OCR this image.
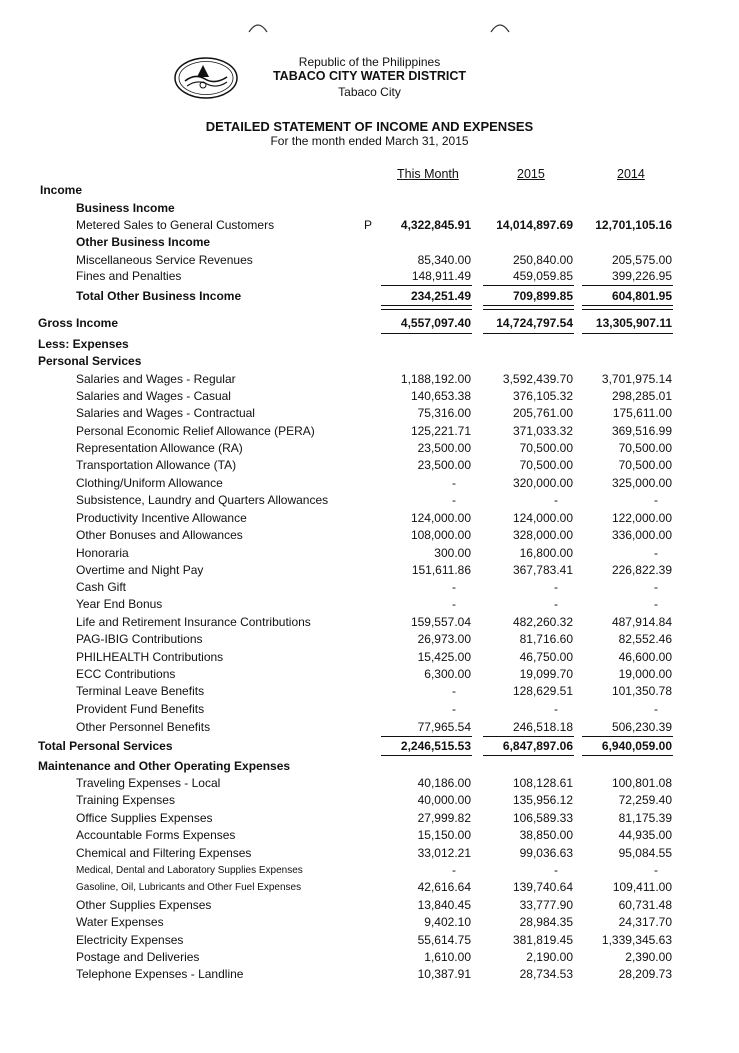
Republic of the Philippines
TABACO CITY WATER DISTRICT
Tabaco City
DETAILED STATEMENT OF INCOME AND EXPENSES
For the month ended March 31, 2015
This Month	2015	2014
P
Income
Business Income
Metered Sales to General Customers	4,322,845.91 14,014,897.69 12,701,105.16
Other Business Income
Miscellaneous Service Revenues	85,340.00	250,840.00	205,575.00
Fines and Penalties	148,911.49	459,059.85	399,226.95
Total Other Business Income	234,251.49	709,899.85	604,801.95
Gross Income	4,557,097.40 14,724,797.54 13,305,907.11
Less: Expenses
Personal Services
Salaries and Wages - Regular	1,188,192.00	3,592,439.70 3,701,975.14
Salaries and Wages - Casual	140,653.38	376,105.32	298,285.01
Salaries and Wages - Contractual	75,316.00	205,761.00	175,611.00
Personal Economic Relief Allowance (PERA)	125,221.71	371,033.32	369,516.99
Representation Allowance (RA)	23,500.00	70,500.00	70,500.00
Transportation Allowance (TA)	23,500.00	70,500.00	70,500.00
Clothing/Uniform Allowance	-	320,000.00	325,000.00
Subsistence, Laundry and Quarters Allowances	-	-	-
Productivity Incentive Allowance	124,000.00	124,000.00	122,000.00
Other Bonuses and Allowances	108,000.00	328,000.00	336,000.00
Honoraria	300.00	16,800.00	-
Overtime and Night Pay	151,611.86	367,783.41	226,822.39
Cash Gift	-	-	-
Year End Bonus	-	-	-
Life and Retirement Insurance Contributions	159,557.04	482,260.32	487,914.84
PAG-IBIG Contributions	26,973.00	81,716.60	82,552.46
PHILHEALTH Contributions	15,425.00	46,750.00	46,600.00
ECC Contributions	6,300.00	19,099.70	19,000.00
Terminal Leave Benefits	-	128,629.51	101,350.78
Provident Fund Benefits	-	-	-
Other Personnel Benefits	77,965.54	246,518.18	506,230.39
Total Personal Services	2,246,515.53	6,847,897.06 6,940,059.00
Maintenance and Other Operating Expenses
Traveling Expenses - Local	40,186.00	108,128.61	100,801.08
Training Expenses	40,000.00	135,956.12	72,259.40
Office Supplies Expenses	27,999.82	106,589.33	81,175.39
Accountable Forms Expenses	15,150.00	38,850.00	44,935.00
Chemical and Filtering Expenses	33,012.21	99,036.63	95,084.55
Medical, Dental and Laboratory Supplies Expenses	-	-	-
Gasoline, Oil, Lubricants and Other Fuel Expenses	42,616.64	139,740.64	109,411.00
Other Supplies Expenses	13,840.45	33,777.90	60,731.48
Water Expenses	9,402.10	28,984.35	24,317.70
Electricity Expenses	55,614.75	381,819.45 1,339,345.63
Postage and Deliveries	1,610.00	2,190.00	2,390.00
Telephone Expenses - Landline	10,387.91	28,734.53	28,209.73
